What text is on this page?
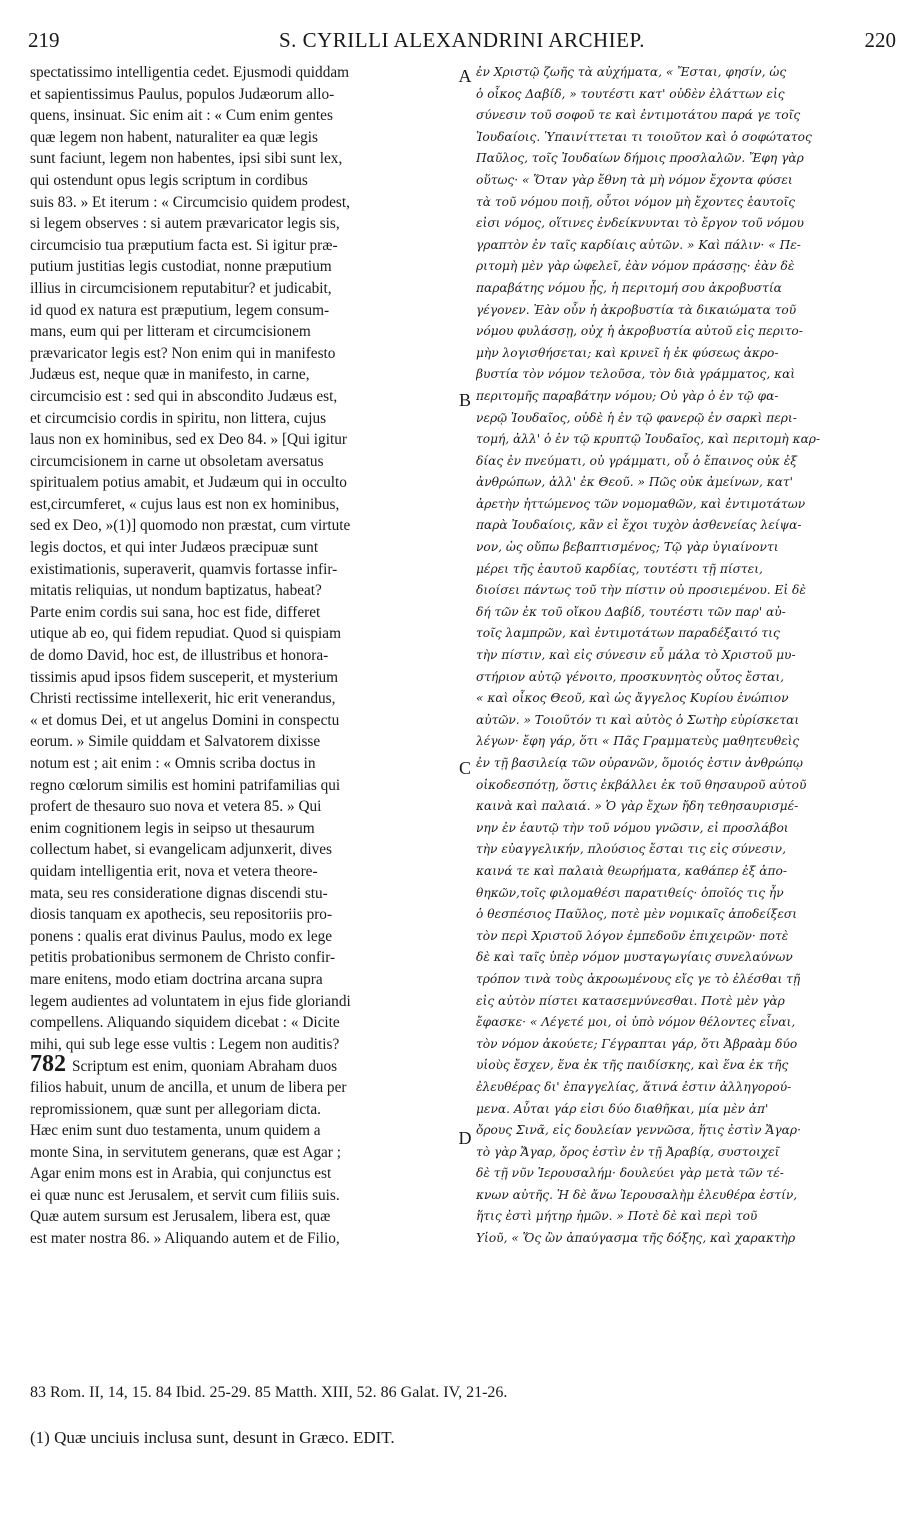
219	S. CYRILLI ALEXANDRINI ARCHIEP.	220
spectatissimo intelligentia cedet. Ejusmodi quiddam
et sapientissimus Paulus, populos Judæorum allo-
quens, insinuat. Sic enim ait : « Cum enim gentes
quæ legem non habent, naturaliter ea quæ legis
sunt faciunt, legem non habentes, ipsi sibi sunt lex,
qui ostendunt opus legis scriptum in cordibus
suis 83. » Et iterum : « Circumcisio quidem prodest,
si legem observes : si autem prævaricator legis sis,
circumcisio tua præputium facta est. Si igitur præ-
putium justitias legis custodiat, nonne præputium
illius in circumcisionem reputabitur? et judicabit,
id quod ex natura est præputium, legem consum-
mans, eum qui per litteram et circumcisionem
prævaricator legis est? Non enim qui in manifesto
Judæus est, neque quæ in manifesto, in carne,
circumcisio est : sed qui in abscondito Judæus est,
et circumcisio cordis in spiritu, non littera, cujus
laus non ex hominibus, sed ex Deo 84. » [Qui igitur
circumcisionem in carne ut obsoletam aversatus
spiritualem potius amabit, et Judæum qui in occulto
est,circumferet, « cujus laus est non ex hominibus,
sed ex Deo, »(1)] quomodo non præstat, cum virtute
legis doctos, et qui inter Judæos præcipuæ sunt
existimationis, superaverit, quamvis fortasse infir-
mitatis reliquias, ut nondum baptizatus, habeat?
Parte enim cordis sui sana, hoc est fide, differet
utique ab eo, qui fidem repudiat. Quod si quispiam
de domo David, hoc est, de illustribus et honora-
tissimis apud ipsos fidem susceperit, et mysterium
Christi rectissime intellexerit, hic erit venerandus,
« et domus Dei, et ut angelus Domini in conspectu
eorum. » Simile quiddam et Salvatorem dixisse
notum est ; ait enim : « Omnis scriba doctus in
regno cœlorum similis est homini patrifamilias qui
profert de thesauro suo nova et vetera 85. » Qui
enim cognitionem legis in seipso ut thesaurum
collectum habet, si evangelicam adjunxerit, dives
quidam intelligentia erit, nova et vetera theore-
mata, seu res consideratione dignas discendi stu-
diosis tanquam ex apothecis, seu repositoriis pro-
ponens : qualis erat divinus Paulus, modo ex lege
petitis probationibus sermonem de Christo confir-
mare enitens, modo etiam doctrina arcana supra
legem audientes ad voluntatem in ejus fide gloriandi
compellens. Aliquando siquidem dicebat : « Dicite
mihi, qui sub lege esse vultis : Legem non auditis?
782 Scriptum est enim, quoniam Abraham duos
filios habuit, unum de ancilla, et unum de libera per
repromissionem, quæ sunt per allegoriam dicta.
Hæc enim sunt duo testamenta, unum quidem a
monte Sina, in servitutem generans, quæ est Agar ;
Agar enim mons est in Arabia, qui conjunctus est
ei quæ nunc est Jerusalem, et servit cum filiis suis.
Quæ autem sursum est Jerusalem, libera est, quæ
est mater nostra 86. » Aliquando autem et de Filio,
ἐν Χριστῷ ζωῆς τὰ αὐχήματα, « Ἔσται, φησίν, ὡς
ὁ οἶκος Δαβίδ, » τουτέστι κατ' οὐδὲν ἐλάττων εἰς
σύνεσιν τοῦ σοφοῦ τε καὶ ἐντιμοτάτου παρά γε τοῖς
Ἰουδαίοις. Ὑπαινίττεται τι τοιοῦτον καὶ ὁ σοφώτατος
Παῦλος, τοῖς Ἰουδαίων δήμοις προσλαλῶν. Ἔφη γὰρ
οὕτως· « Ὅταν γὰρ ἔθνη τὰ μὴ νόμον ἔχοντα φύσει
τὰ τοῦ νόμου ποιῇ, οὗτοι νόμον μὴ ἔχοντες ἑαυτοῖς
εἰσι νόμος, οἵτινες ἐνδείκνυνται τὸ ἔργον τοῦ νόμου
γραπτὸν ἐν ταῖς καρδίαις αὐτῶν. » Καὶ πάλιν· « Πε-
ριτομὴ μὲν γὰρ ὠφελεῖ, ἐὰν νόμον πράσσῃς· ἐὰν δὲ
παραβάτης νόμου ᾖς, ἡ περιτομή σου ἀκροβυστία
γέγονεν. Ἐὰν οὖν ἡ ἀκροβυστία τὰ δικαιώματα τοῦ
νόμου φυλάσσῃ, οὐχ ἡ ἀκροβυστία αὐτοῦ εἰς περιτο-
μὴν λογισθήσεται; καὶ κρινεῖ ἡ ἐκ φύσεως ἀκρο-
βυστία τὸν νόμον τελοῦσα, τὸν διὰ γράμματος, καὶ
περιτομῆς παραβάτην νόμου; Οὐ γὰρ ὁ ἐν τῷ φα-
νερῷ Ἰουδαῖος, οὐδὲ ἡ ἐν τῷ φανερῷ ἐν σαρκὶ περι-
τομή, ἀλλ' ὁ ἐν τῷ κρυπτῷ Ἰουδαῖος, καὶ περιτομὴ καρ-
δίας ἐν πνεύματι, οὐ γράμματι, οὗ ὁ ἔπαινος οὐκ ἐξ
ἀνθρώπων, ἀλλ' ἐκ Θεοῦ. » Πῶς οὐκ ἀμείνων, κατ'
ἀρετὴν ἡττώμενος τῶν νομομαθῶν, καὶ ἐντιμοτάτων
παρὰ Ἰουδαίοις, κἂν εἰ ἔχοι τυχὸν ἀσθενείας λείψα-
νον, ὡς οὔπω βεβαπτισμένος; Τῷ γὰρ ὑγιαίνοντι
μέρει τῆς ἑαυτοῦ καρδίας, τουτέστι τῇ πίστει,
διοίσει πάντως τοῦ τὴν πίστιν οὐ προσιεμένου. Εἰ δὲ
δή τῶν ἐκ τοῦ οἴκου Δαβίδ, τουτέστι τῶν παρ' αὐ-
τοῖς λαμπρῶν, καὶ ἐντιμοτάτων παραδέξαιτό τις
τὴν πίστιν, καὶ εἰς σύνεσιν εὖ μάλα τὸ Χριστοῦ μυ-
στήριον αὐτῷ γένοιτο, προσκυνητὸς οὗτος ἔσται,
« καὶ οἶκος Θεοῦ, καὶ ὡς ἄγγελος Κυρίου ἐνώπιον
αὐτῶν. » Τοιοῦτόν τι καὶ αὐτὸς ὁ Σωτὴρ εὑρίσκεται
λέγων· ἔφη γάρ, ὅτι « Πᾶς Γραμματεὺς μαθητευθεὶς
ἐν τῇ βασιλείᾳ τῶν οὐρανῶν, ὅμοιός ἐστιν ἀνθρώπῳ
οἰκοδεσπότῃ, ὅστις ἐκβάλλει ἐκ τοῦ θησαυροῦ αὐτοῦ
καινὰ καὶ παλαιά. » Ὁ γὰρ ἔχων ἤδη τεθησαυρισμέ-
νην ἐν ἑαυτῷ τὴν τοῦ νόμου γνῶσιν, εἰ προσλάβοι
τὴν εὐαγγελικήν, πλούσιος ἔσται τις εἰς σύνεσιν,
καινά τε καὶ παλαιὰ θεωρήματα, καθάπερ ἐξ ἀπο-
θηκῶν,τοῖς φιλομαθέσι παρατιθείς· ὁποῖός τις ἦν
ὁ θεσπέσιος Παῦλος, ποτὲ μὲν νομικαῖς ἀποδείξεσι
τὸν περὶ Χριστοῦ λόγον ἐμπεδοῦν ἐπιχειρῶν· ποτὲ
δὲ καὶ ταῖς ὑπὲρ νόμον μυσταγωγίαις συνελαύνων
τρόπον τινὰ τοὺς ἀκροωμένους εἴς γε τὸ ἐλέσθαι τῇ
εἰς αὐτὸν πίστει κατασεμνύνεσθαι. Ποτὲ μὲν γὰρ
ἔφασκε· « Λέγετέ μοι, οἱ ὑπὸ νόμον θέλοντες εἶναι,
τὸν νόμον ἀκούετε; Γέγραπται γάρ, ὅτι Ἀβραὰμ δύο
υἱοὺς ἔσχεν, ἕνα ἐκ τῆς παιδίσκης, καὶ ἕνα ἐκ τῆς
ἐλευθέρας δι' ἐπαγγελίας, ἅτινά ἐστιν ἀλληγορού-
μενα. Αὗται γάρ εἰσι δύο διαθῆκαι, μία μὲν ἀπ'
ὄρους Σινᾶ, εἰς δουλείαν γεννῶσα, ἥτις ἐστὶν Ἄγαρ·
τὸ γὰρ Ἄγαρ, ὄρος ἐστὶν ἐν τῇ Ἀραβίᾳ, συστοιχεῖ
δὲ τῇ νῦν Ἱερουσαλήμ· δουλεύει γὰρ μετὰ τῶν τέ-
κνων αὐτῆς. Ἡ δὲ ἄνω Ἱερουσαλὴμ ἐλευθέρα ἐστίν,
ἥτις ἐστὶ μήτηρ ἡμῶν. » Ποτὲ δὲ καὶ περὶ τοῦ
Υἱοῦ, « Ὅς ὢν ἀπαύγασμα τῆς δόξης, καὶ χαρακτὴρ
A
B
C
D
83 Rom. II, 14, 15. 84 Ibid. 25-29. 85 Matth. XIII, 52. 86 Galat. IV, 21-26.
(1) Quæ unciuis inclusa sunt, desunt in Græco. EDIT.
